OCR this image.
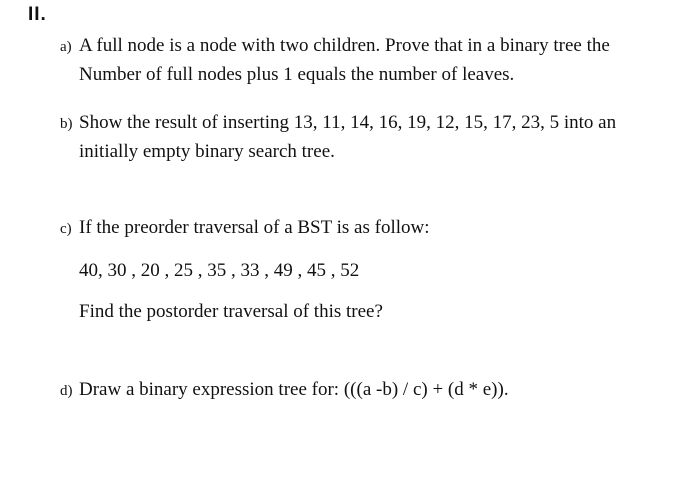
II.
a) A full node is a node with two children. Prove that in a binary tree the
Number of full nodes plus 1 equals the number of leaves.
b) Show the result of inserting 13, 11, 14, 16, 19, 12, 15, 17, 23, 5 into an
initially empty binary search tree.
c) If the preorder traversal of a BST is as follow:
40, 30 , 20 , 25 , 35 , 33 , 49 , 45 , 52
Find the postorder traversal of this tree?
d) Draw a binary expression tree for: (((a -b) / c) + (d * e)).
